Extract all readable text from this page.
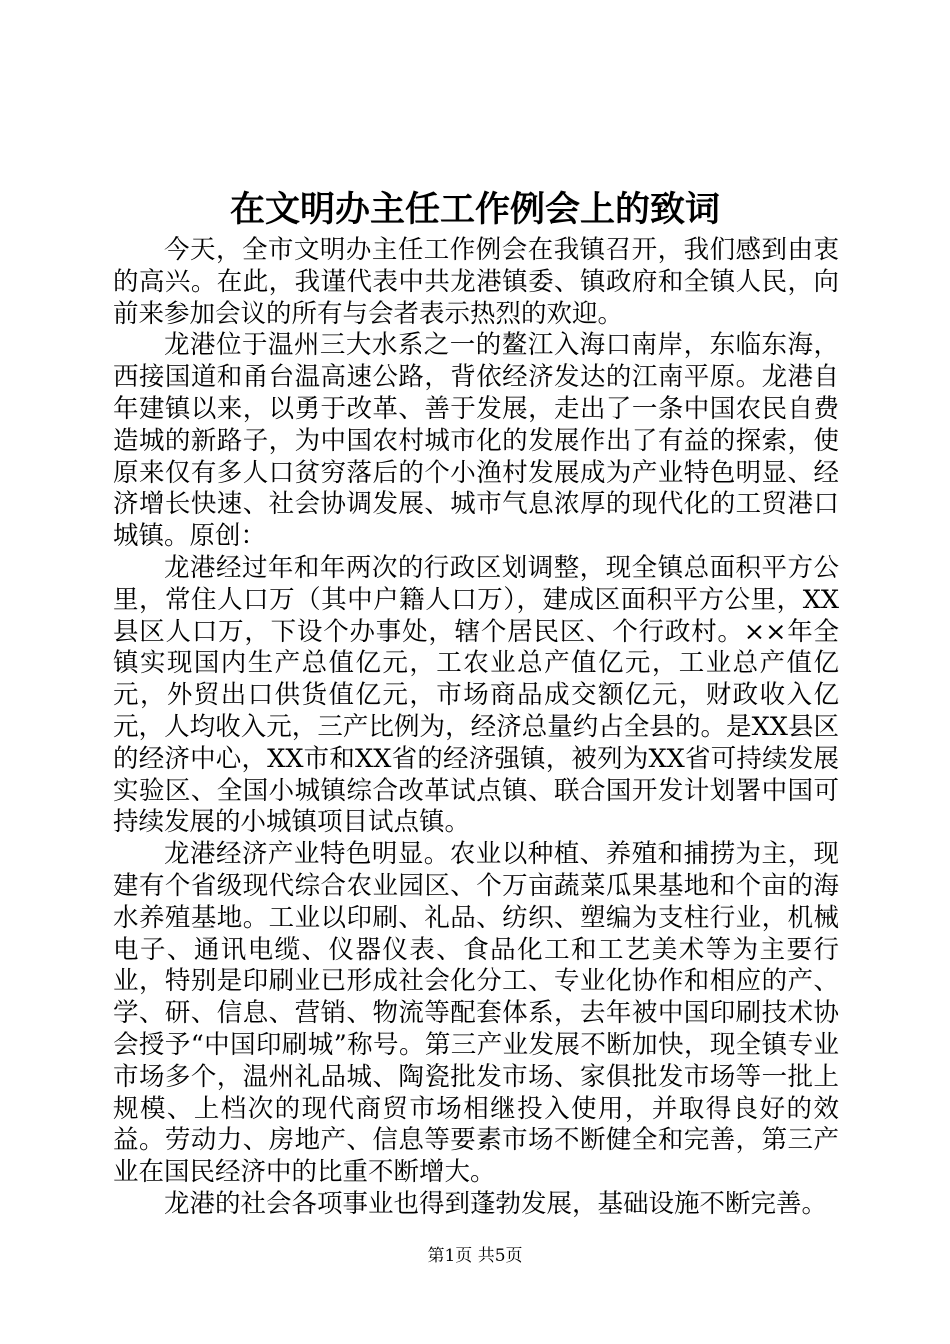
在文明办主任工作例会上的致词

今天，全市文明办主任工作例会在我镇召开，我们感到由衷的高兴。在此，我谨代表中共龙港镇委、镇政府和全镇人民，向前来参加会议的所有与会者表示热烈的欢迎。

龙港位于温州三大水系之一的鳌江入海口南岸，东临东海，西接国道和甬台温高速公路，背依经济发达的江南平原。龙港自年建镇以来，以勇于改革、善于发展，走出了一条中国农民自费造城的新路子，为中国农村城市化的发展作出了有益的探索，使原来仅有多人口贫穷落后的个小渔村发展成为产业特色明显、经济增长快速、社会协调发展、城市气息浓厚的现代化的工贸港口城镇。原创：

龙港经过年和年两次的行政区划调整，现全镇总面积平方公里，常住人口万（其中户籍人口万），建成区面积平方公里，XX县区人口万，下设个办事处，辖个居民区、个行政村。××年全镇实现国内生产总值亿元，工农业总产值亿元，工业总产值亿元，外贸出口供货值亿元，市场商品成交额亿元，财政收入亿元，人均收入元，三产比例为，经济总量约占全县的。是XX县区的经济中心，XX市和XX省的经济强镇，被列为XX省可持续发展实验区、全国小城镇综合改革试点镇、联合国开发计划署中国可持续发展的小城镇项目试点镇。

龙港经济产业特色明显。农业以种植、养殖和捕捞为主，现建有个省级现代综合农业园区、个万亩蔬菜瓜果基地和个亩的海水养殖基地。工业以印刷、礼品、纺织、塑编为支柱行业，机械电子、通讯电缆、仪器仪表、食品化工和工艺美术等为主要行业，特别是印刷业已形成社会化分工、专业化协作和相应的产、学、研、信息、营销、物流等配套体系，去年被中国印刷技术协会授予“中国印刷城”称号。第三产业发展不断加快，现全镇专业市场多个，温州礼品城、陶瓷批发市场、家俱批发市场等一批上规模、上档次的现代商贸市场相继投入使用，并取得良好的效益。劳动力、房地产、信息等要素市场不断健全和完善，第三产业在国民经济中的比重不断增大。

龙港的社会各项事业也得到蓬勃发展，基础设施不断完善。

第1页 共5页
